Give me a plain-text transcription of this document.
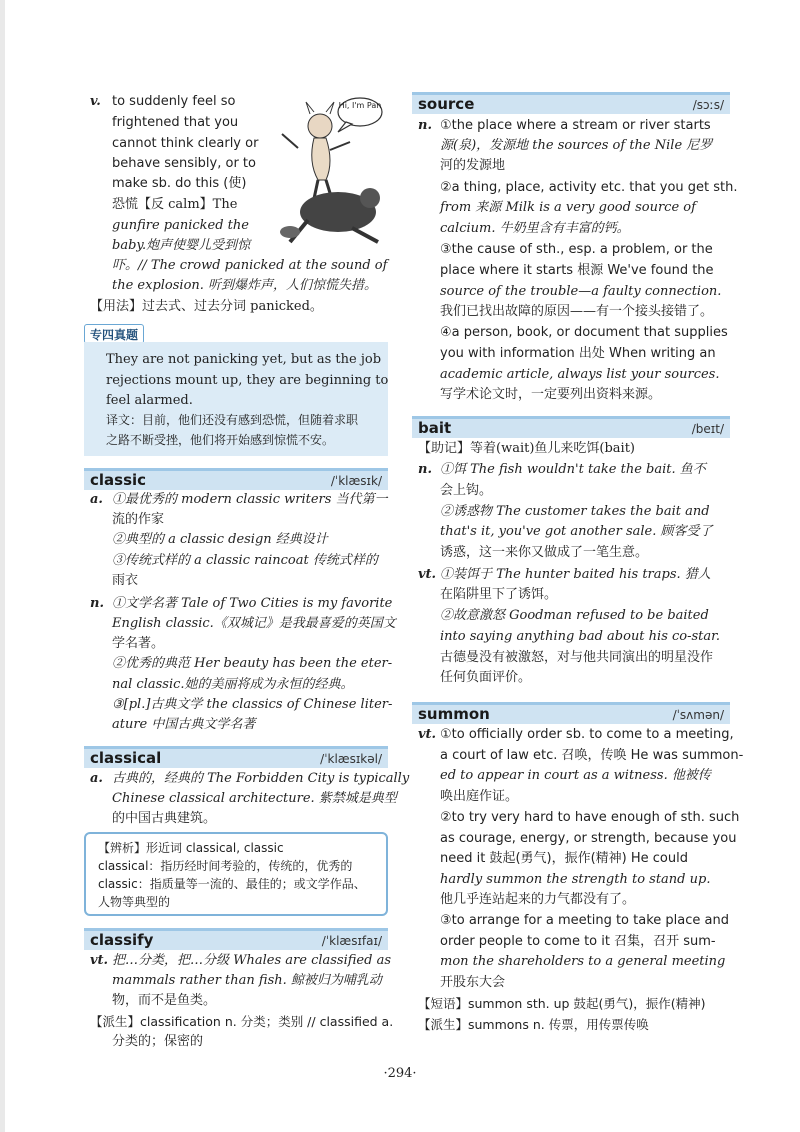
v. to suddenly feel so
frightened that you
cannot think clearly or
behave sensibly, or to
make sb. do this (使)
恐慌【反 calm】The
gunfire panicked the
baby.炮声使婴儿受到惊
吓。// The crowd panicked at the sound of
the explosion. 听到爆炸声，人们惊慌失措。
【用法】过去式、过去分词 panicked。
Hi, I'm Pan
专四真题
They are not panicking yet, but as the job
rejections mount up, they are beginning to
feel alarmed.
译文：目前，他们还没有感到恐慌，但随着求职
之路不断受挫，他们将开始感到惊慌不安。
classic	/ˈklæsɪk/
a. ①最优秀的 modern classic writers 当代第一
流的作家
②典型的 a classic design 经典设计
③传统式样的 a classic raincoat 传统式样的
雨衣
n. ①文学名著 Tale of Two Cities is my favorite
English classic.《双城记》是我最喜爱的英国文
学名著。
②优秀的典范 Her beauty has been the eter-
nal classic.她的美丽将成为永恒的经典。
③[pl.]古典文学 the classics of Chinese liter-
ature 中国古典文学名著
classical	/ˈklæsɪkəl/
a. 古典的，经典的 The Forbidden City is typically
Chinese classical architecture. 紫禁城是典型
的中国古典建筑。
【辨析】形近词 classical, classic
classical：指历经时间考验的，传统的，优秀的
classic：指质量等一流的、最佳的；或文学作品、
人物等典型的
classify	/ˈklæsɪfaɪ/
vt. 把…分类，把…分级 Whales are classified as
mammals rather than fish. 鲸被归为哺乳动
物，而不是鱼类。
【派生】classification n. 分类；类别 // classified a.
分类的；保密的
source	/sɔːs/
n. ①the place where a stream or river starts
源(泉)，发源地 the sources of the Nile 尼罗
河的发源地
②a thing, place, activity etc. that you get sth.
from 来源 Milk is a very good source of
calcium. 牛奶里含有丰富的钙。
③the cause of sth., esp. a problem, or the
place where it starts 根源 We've found the
source of the trouble—a faulty connection.
我们已找出故障的原因——有一个接头接错了。
④a person, book, or document that supplies
you with information 出处 When writing an
academic article, always list your sources.
写学术论文时，一定要列出资料来源。
bait	/beɪt/
【助记】等着(wait)鱼儿来吃饵(bait)
n. ①饵 The fish wouldn't take the bait. 鱼不
会上钩。
②诱惑物 The customer takes the bait and
that's it, you've got another sale. 顾客受了
诱惑，这一来你又做成了一笔生意。
vt. ①装饵于 The hunter baited his traps. 猎人
在陷阱里下了诱饵。
②故意激怒 Goodman refused to be baited
into saying anything bad about his co-star.
古德曼没有被激怒，对与他共同演出的明星没作
任何负面评价。
summon	/ˈsʌmən/
vt. ①to officially order sb. to come to a meeting,
a court of law etc. 召唤，传唤 He was summon-
ed to appear in court as a witness. 他被传
唤出庭作证。
②to try very hard to have enough of sth. such
as courage, energy, or strength, because you
need it 鼓起(勇气)，振作(精神) He could
hardly summon the strength to stand up.
他几乎连站起来的力气都没有了。
③to arrange for a meeting to take place and
order people to come to it 召集，召开 sum-
mon the shareholders to a general meeting
开股东大会
【短语】summon sth. up 鼓起(勇气)，振作(精神)
【派生】summons n. 传票，用传票传唤
·294·
